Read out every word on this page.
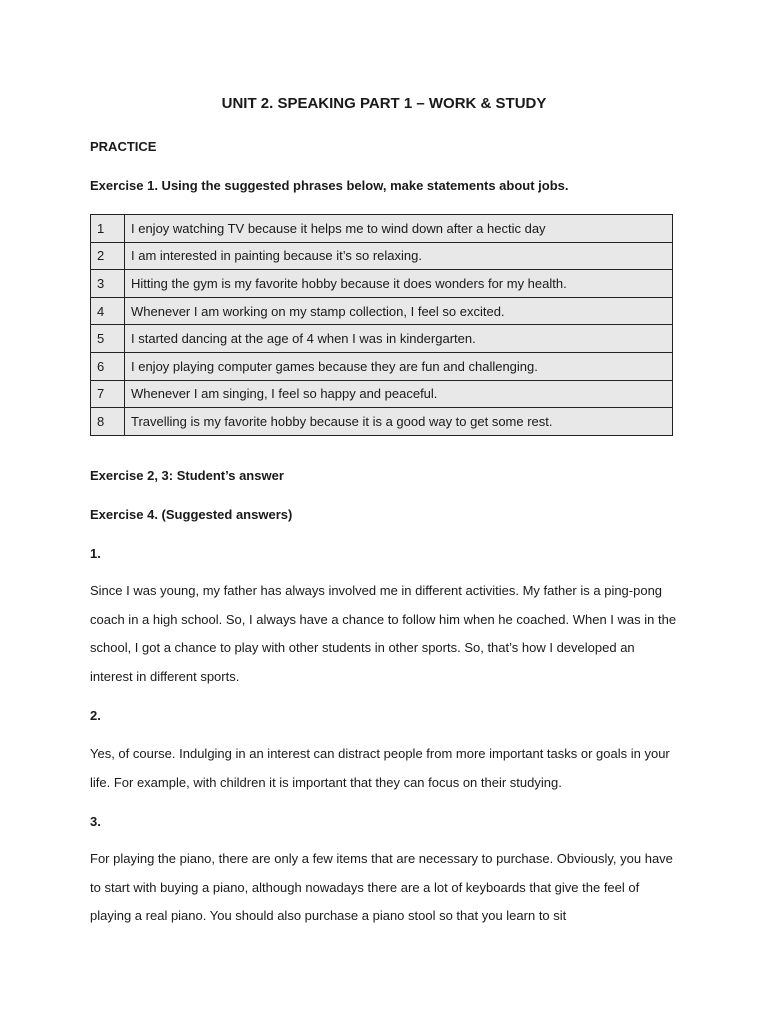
UNIT 2. SPEAKING PART 1 – WORK & STUDY
PRACTICE
Exercise 1. Using the suggested phrases below, make statements about jobs.
1	I enjoy watching TV because it helps me to wind down after a hectic day
2	I am interested in painting because it’s so relaxing.
3	Hitting the gym is my favorite hobby because it does wonders for my health.
4	Whenever I am working on my stamp collection, I feel so excited.
5	I started dancing at the age of 4 when I was in kindergarten.
6	I enjoy playing computer games because they are fun and challenging.
7	Whenever I am singing, I feel so happy and peaceful.
8	Travelling is my favorite hobby because it is a good way to get some rest.
Exercise 2, 3: Student’s answer
Exercise 4. (Suggested answers)
1.
Since I was young, my father has always involved me in different activities. My father is a ping-pong coach in a high school. So, I always have a chance to follow him when he coached. When I was in the school, I got a chance to play with other students in other sports. So, that’s how I developed an interest in different sports.
2.
Yes, of course. Indulging in an interest can distract people from more important tasks or goals in your life. For example, with children it is important that they can focus on their studying.
3.
For playing the piano, there are only a few items that are necessary to purchase. Obviously, you have to start with buying a piano, although nowadays there are a lot of keyboards that give the feel of playing a real piano. You should also purchase a piano stool so that you learn to sit
